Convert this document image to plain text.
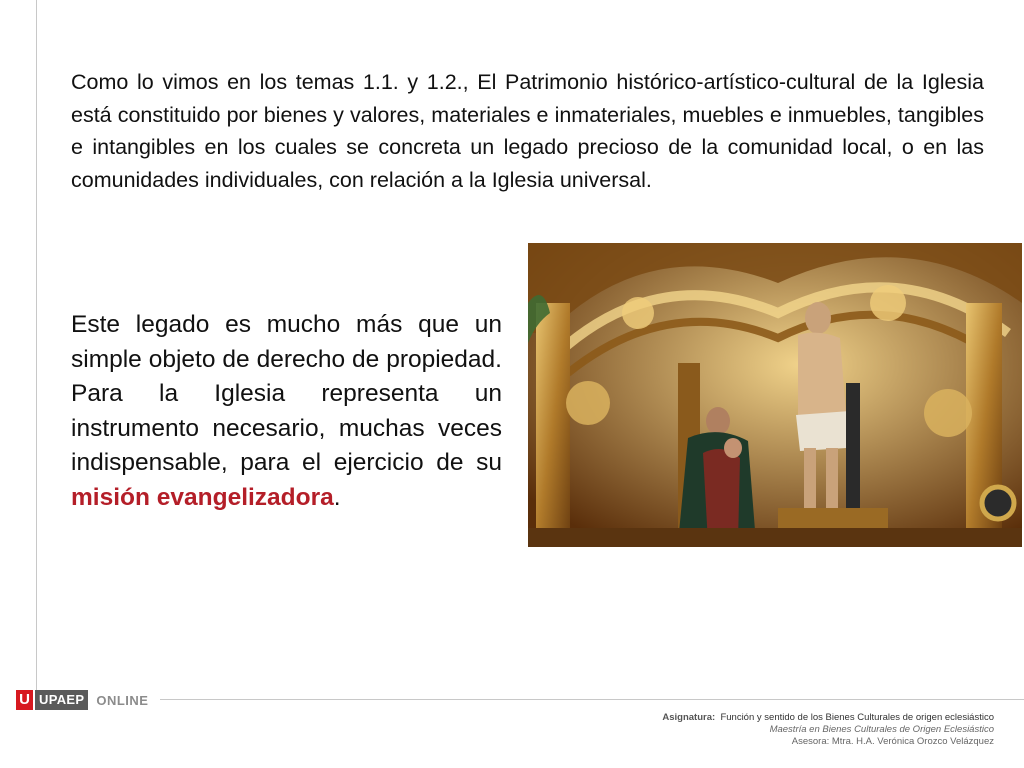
Como lo vimos en los temas 1.1. y 1.2., El Patrimonio histórico-artístico-cultural de la Iglesia está constituido por bienes y valores, materiales e inmateriales, muebles e inmuebles, tangibles e intangibles en los cuales se concreta un legado precioso de la comunidad local, o en las comunidades individuales, con relación a la Iglesia universal.

Este legado es mucho más que un simple objeto de derecho de propiedad. Para la Iglesia representa un instrumento necesario, muchas veces indispensable, para el ejercicio de su misión evangelizadora.

U UPAEP ONLINE
Asignatura: Función y sentido de los Bienes Culturales de origen eclesiástico
Maestría en Bienes Culturales de Origen Eclesiástico
Asesora: Mtra. H.A. Verónica Orozco Velázquez
